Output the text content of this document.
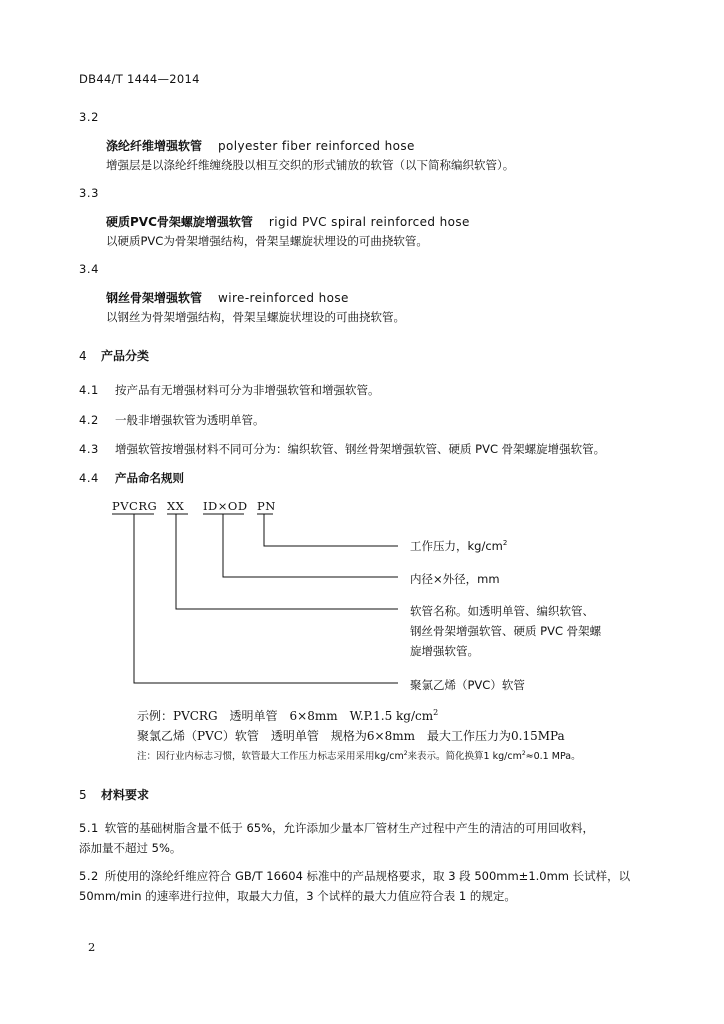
DB44/T 1444—2014
3.2
涤纶纤维增强软管 polyester fiber reinforced hose
增强层是以涤纶纤维缠绕股以相互交织的形式铺放的软管（以下简称编织软管）。
3.3
硬质PVC骨架螺旋增强软管 rigid PVC spiral reinforced hose
以硬质PVC为骨架增强结构，骨架呈螺旋状埋设的可曲挠软管。
3.4
钢丝骨架增强软管 wire-reinforced hose
以钢丝为骨架增强结构，骨架呈螺旋状埋设的可曲挠软管。
4 产品分类
4.1 按产品有无增强材料可分为非增强软管和增强软管。
4.2 一般非增强软管为透明单管。
4.3 增强软管按增强材料不同可分为：编织软管、钢丝骨架增强软管、硬质 PVC 骨架螺旋增强软管。
4.4 产品命名规则
PVCRG XX ID×OD PN
工作压力，$kg/cm^2$
内径×外径，mm
软管名称。如透明单管、编织软管、
钢丝骨架增强软管、硬质 PVC 骨架螺
旋增强软管。
聚氯乙烯（PVC）软管
示例：PVCRG　透明单管　6×8mm　W.P.1.5 $kg/cm^2$
聚氯乙烯（PVC）软管　透明单管　规格为6×8mm　最大工作压力为0.15MPa
注：因行业内标志习惯，软管最大工作压力标志采用采用$kg/cm^2$来表示。简化换算1 $kg/cm^2\approx 0.1$ MPa。
5 材料要求
5.1 软管的基础树脂含量不低于 65%，允许添加少量本厂管材生产过程中产生的清洁的可用回收料，
添加量不超过 5%。
5.2 所使用的涤纶纤维应符合 GB/T 16604 标准中的产品规格要求，取 3 段 500mm±1.0mm 长试样，以
50mm/min 的速率进行拉伸，取最大力值，3 个试样的最大力值应符合表 1 的规定。
2
